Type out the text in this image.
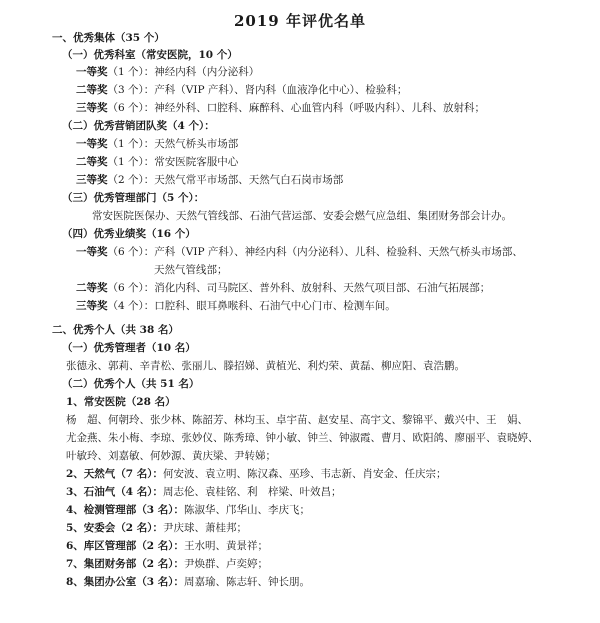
2019 年评优名单
一、优秀集体（35 个）
（一）优秀科室（常安医院，10 个）
一等奖（1 个）：神经内科（内分泌科）
二等奖（3 个）：产科（VIP 产科）、肾内科（血液净化中心）、检验科；
三等奖（6 个）：神经外科、口腔科、麻醉科、心血管内科（呼吸内科）、儿科、放射科；
（二）优秀营销团队奖（4 个）：
一等奖（1 个）：天然气桥头市场部
二等奖（1 个）：常安医院客服中心
三等奖（2 个）：天然气常平市场部、天然气白石岗市场部
（三）优秀管理部门（5 个）：
常安医院医保办、天然气管线部、石油气营运部、安委会燃气应急组、集团财务部会计办。
（四）优秀业绩奖（16 个）
一等奖（6 个）：产科（VIP 产科）、神经内科（内分泌科）、儿科、检验科、天然气桥头市场部、
天然气管线部；
二等奖（6 个）：消化内科、司马院区、普外科、放射科、天然气项目部、石油气拓展部；
三等奖（4 个）：口腔科、眼耳鼻喉科、石油气中心门市、检测车间。
二、优秀个人（共 38 名）
（一）优秀管理者（10 名）
张德永、郭莉、辛青松、张丽儿、滕招娣、黄植光、利灼荣、黄磊、柳应阳、袁浩鹏。
（二）优秀个人（共 51 名）
1、常安医院（28 名）
杨　超、何朝玲、张少林、陈韶芳、林均玉、卓宇苗、赵安星、高宇文、黎锦平、戴兴中、王　娟、
尤金燕、朱小梅、李琼、张妙仪、陈秀璋、钟小敏、钟兰、钟淑霞、曹月、欧阳鸽、廖丽平、袁晓婷、
叶敏玲、刘嘉敏、何妙源、黄庆梁、尹转娣；
2、天然气（7 名）：何安波、袁立明、陈汉森、巫珍、韦志新、肖安金、任庆宗；
3、石油气（4 名）：周志伦、袁桂铭、利　梓梁、叶效昌；
4、检测管理部（3 名）：陈淑华、邝华山、李庆飞；
5、安委会（2 名）：尹庆球、萧桂邦；
6、库区管理部（2 名）：王水明、黄景祥；
7、集团财务部（2 名）：尹焕群、卢奕婷；
8、集团办公室（3 名）：周嘉瑜、陈志轩、钟长朋。
